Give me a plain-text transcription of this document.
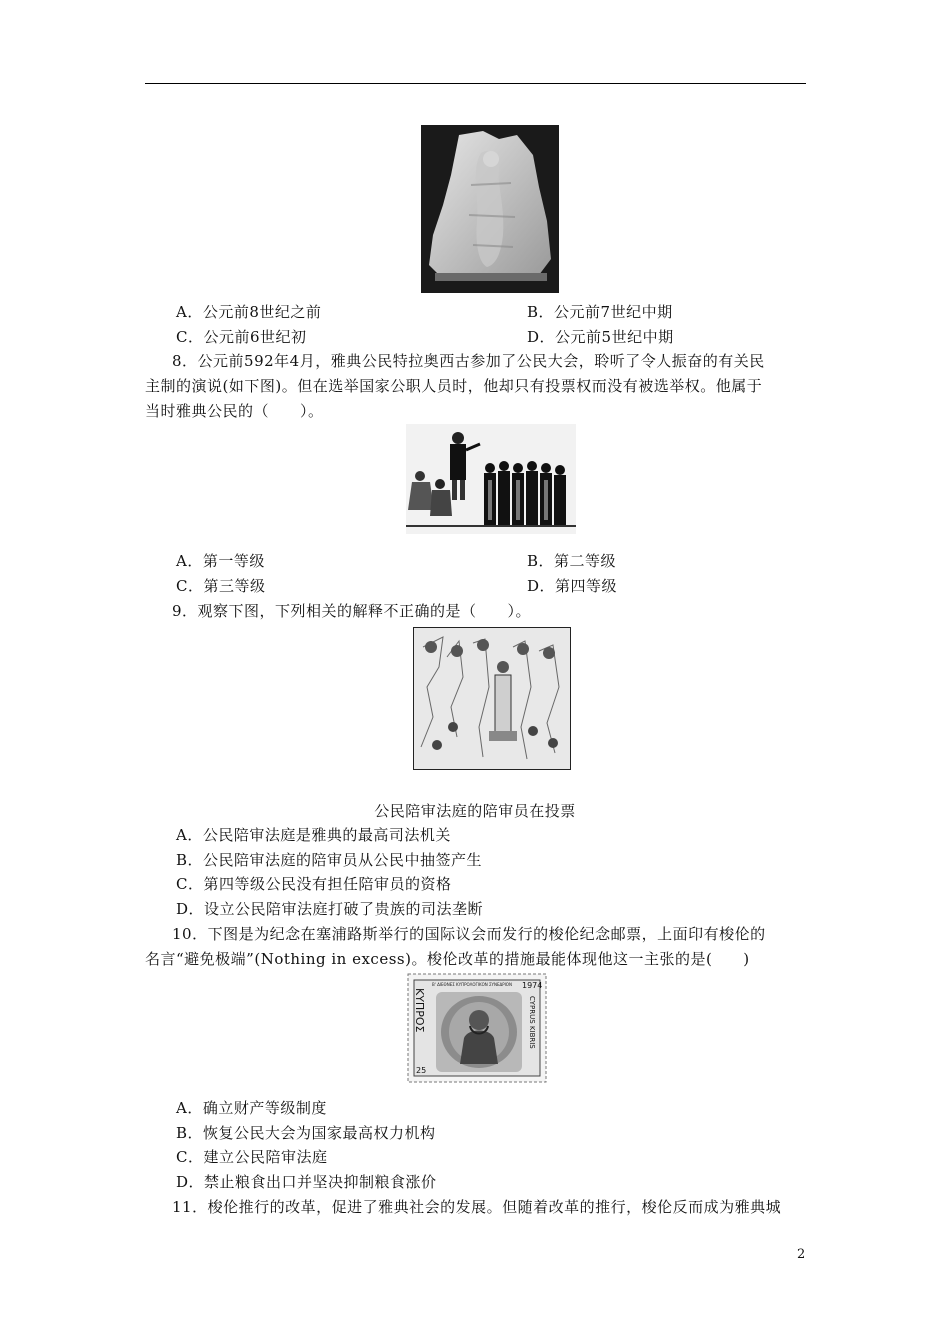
A．公元前8世纪之前	B．公元前7世纪中期
C．公元前6世纪初	D．公元前5世纪中期
8．公元前592年4月，雅典公民特拉奥西古参加了公民大会，聆听了令人振奋的有关民
主制的演说(如下图)。但在选举国家公职人员时，他却只有投票权而没有被选举权。他属于
当时雅典公民的（　　）。
A．第一等级	B．第二等级
C．第三等级	D．第四等级
9．观察下图，下列相关的解释不正确的是（　　）。
公民陪审法庭的陪审员在投票
A．公民陪审法庭是雅典的最高司法机关
B．公民陪审法庭的陪审员从公民中抽签产生
C．第四等级公民没有担任陪审员的资格
D．设立公民陪审法庭打破了贵族的司法垄断
10．下图是为纪念在塞浦路斯举行的国际议会而发行的梭伦纪念邮票，上面印有梭伦的
名言“避免极端”(Nothing in excess)。梭伦改革的措施最能体现他这一主张的是(　　)
Β' ΔΙΕΘΝΕΣ ΚΥΠΡΟΛΟΓΙΚΟΝ ΣΥΝΕΔΡΙΟΝ	1974
ΚΥΠΡΟΣ	CYPRUS KIBRIS
25
A．确立财产等级制度
B．恢复公民大会为国家最高权力机构
C．建立公民陪审法庭
D．禁止粮食出口并坚决抑制粮食涨价
11．梭伦推行的改革，促进了雅典社会的发展。但随着改革的推行，梭伦反而成为雅典城
2
